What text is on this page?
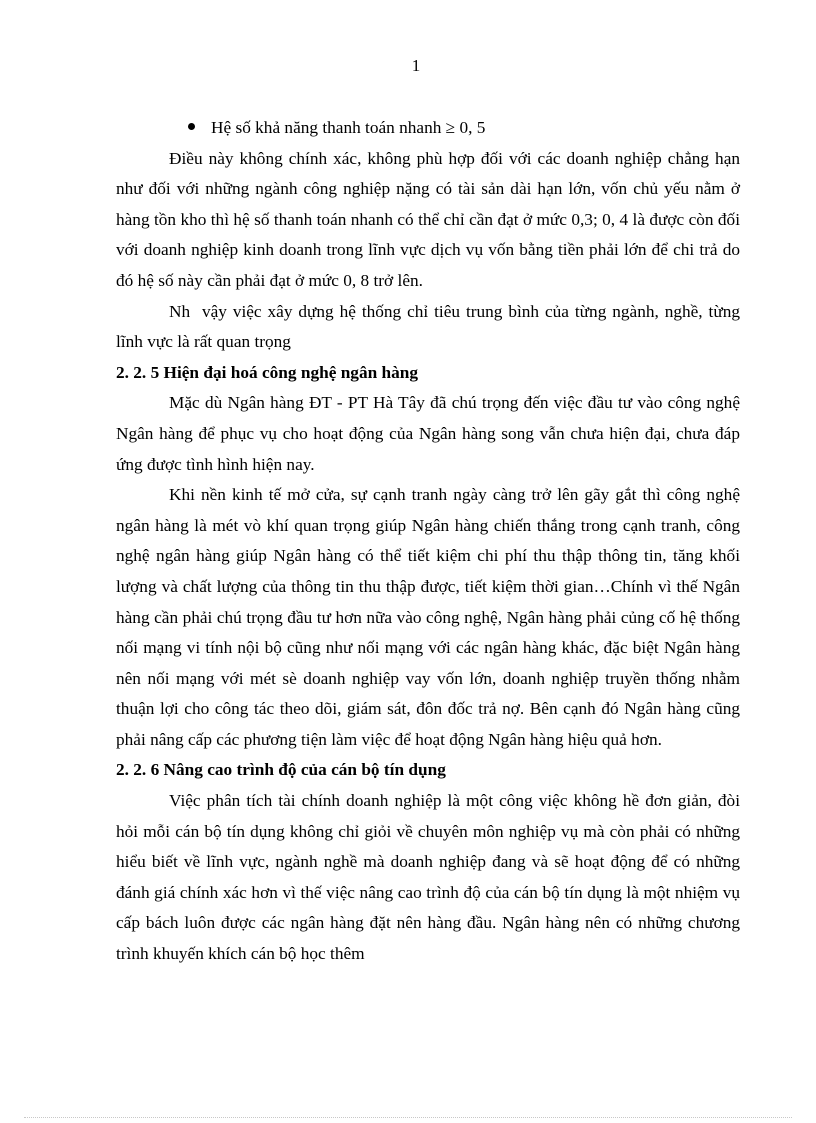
1
Hệ số khả năng thanh toán nhanh ≥ 0, 5

Điều này không chính xác, không phù hợp đối với các doanh nghiệp chẳng hạn như đối với những ngành công nghiệp nặng có tài sản dài hạn lớn, vốn chủ yếu nằm ở hàng tồn kho thì hệ số thanh toán nhanh có thể chỉ cần đạt ở mức 0,3; 0, 4 là được còn đối với doanh nghiệp kinh doanh trong lĩnh vực dịch vụ vốn bằng tiền phải lớn để chi trả do đó hệ số này cần phải đạt ở mức 0, 8 trở lên.

Nh  vậy việc xây dựng hệ thống chỉ tiêu trung bình của từng ngành, nghề, từng lĩnh vực là rất quan trọng

2. 2. 5 Hiện đại hoá công nghệ ngân hàng

Mặc dù Ngân hàng ĐT - PT Hà Tây đã chú trọng đến việc đầu tư vào công nghệ Ngân hàng để phục vụ cho hoạt động của Ngân hàng song vẫn chưa hiện đại, chưa đáp ứng được tình hình hiện nay.

Khi nền kinh tế mở cửa, sự cạnh tranh ngày càng trở lên gãy gắt thì công nghệ ngân hàng là mét vò khí quan trọng giúp Ngân hàng chiến thắng trong cạnh tranh, công nghệ ngân hàng giúp Ngân hàng có thể tiết kiệm chi phí thu thập thông tin, tăng khối lượng và chất lượng của thông tin thu thập được, tiết kiệm thời gian…Chính vì thế Ngân hàng cần phải chú trọng đầu tư hơn nữa vào công nghệ, Ngân hàng phải củng cố hệ thống nối mạng vi tính nội bộ cũng như nối mạng với các ngân hàng khác, đặc biệt Ngân hàng nên nối mạng với mét sè doanh nghiệp vay vốn lớn, doanh nghiệp truyền thống nhằm thuận lợi cho công tác theo dõi, giám sát, đôn đốc trả nợ. Bên cạnh đó Ngân hàng cũng phải nâng cấp các phương tiện làm việc để hoạt động Ngân hàng hiệu quả hơn.

2. 2. 6 Nâng cao trình độ của cán bộ tín dụng

Việc phân tích tài chính doanh nghiệp là một công việc không hề đơn giản, đòi hỏi mỗi cán bộ tín dụng không chỉ giỏi về chuyên môn nghiệp vụ mà còn phải có những hiểu biết về lĩnh vực, ngành nghề mà doanh nghiệp đang và sẽ hoạt động để có những đánh giá chính xác hơn vì thế việc nâng cao trình độ của cán bộ tín dụng là một nhiệm vụ cấp bách luôn được các ngân hàng đặt nên hàng đầu. Ngân hàng nên có những chương trình khuyến khích cán bộ học thêm
